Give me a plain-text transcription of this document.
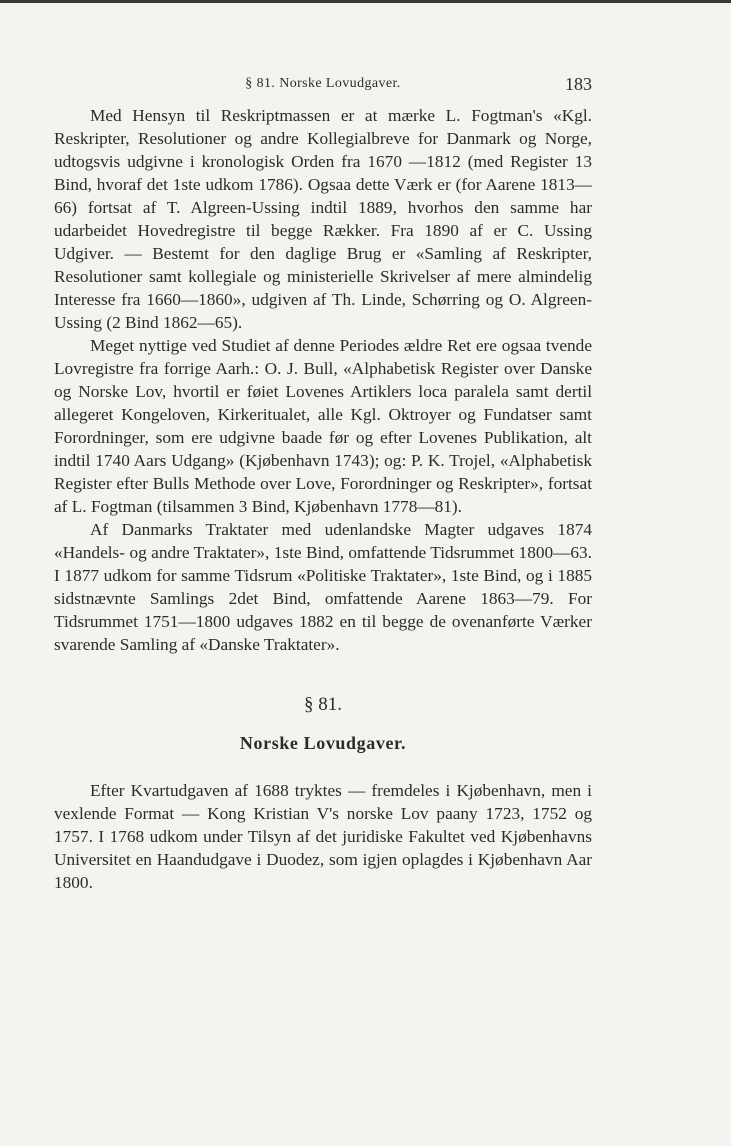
§ 81. Norske Lovudgaver.	183

Med Hensyn til Reskriptmassen er at mærke L. Fogtman's «Kgl. Reskripter, Resolutioner og andre Kollegialbreve for Danmark og Norge, udtogsvis udgivne i kronologisk Orden fra 1670 —1812 (med Register 13 Bind, hvoraf det 1ste udkom 1786). Ogsaa dette Værk er (for Aarene 1813—66) fortsat af T. Algreen-Ussing indtil 1889, hvorhos den samme har udarbeidet Hovedregistre til begge Rækker. Fra 1890 af er C. Ussing Udgiver. — Bestemt for den daglige Brug er «Samling af Reskripter, Resolutioner samt kollegiale og ministerielle Skrivelser af mere almindelig Interesse fra 1660—1860», udgiven af Th. Linde, Schørring og O. Algreen-Ussing (2 Bind 1862—65).

Meget nyttige ved Studiet af denne Periodes ældre Ret ere ogsaa tvende Lovregistre fra forrige Aarh.: O. J. Bull, «Alphabetisk Register over Danske og Norske Lov, hvortil er føiet Lovenes Artiklers loca paralela samt dertil allegeret Kongeloven, Kirkeritualet, alle Kgl. Oktroyer og Fundatser samt Forordninger, som ere udgivne baade før og efter Lovenes Publikation, alt indtil 1740 Aars Udgang» (Kjøbenhavn 1743); og: P. K. Trojel, «Alphabetisk Register efter Bulls Methode over Love, Forordninger og Reskripter», fortsat af L. Fogtman (tilsammen 3 Bind, Kjøbenhavn 1778—81).

Af Danmarks Traktater med udenlandske Magter udgaves 1874 «Handels- og andre Traktater», 1ste Bind, omfattende Tidsrummet 1800—63. I 1877 udkom for samme Tidsrum «Politiske Traktater», 1ste Bind, og i 1885 sidstnævnte Samlings 2det Bind, omfattende Aarene 1863—79. For Tidsrummet 1751—1800 udgaves 1882 en til begge de ovenanførte Værker svarende Samling af «Danske Traktater».

§ 81.
Norske Lovudgaver.

Efter Kvartudgaven af 1688 tryktes — fremdeles i Kjøbenhavn, men i vexlende Format — Kong Kristian V's norske Lov paany 1723, 1752 og 1757. I 1768 udkom under Tilsyn af det juridiske Fakultet ved Kjøbenhavns Universitet en Haandudgave i Duodez, som igjen oplagdes i Kjøbenhavn Aar 1800.
